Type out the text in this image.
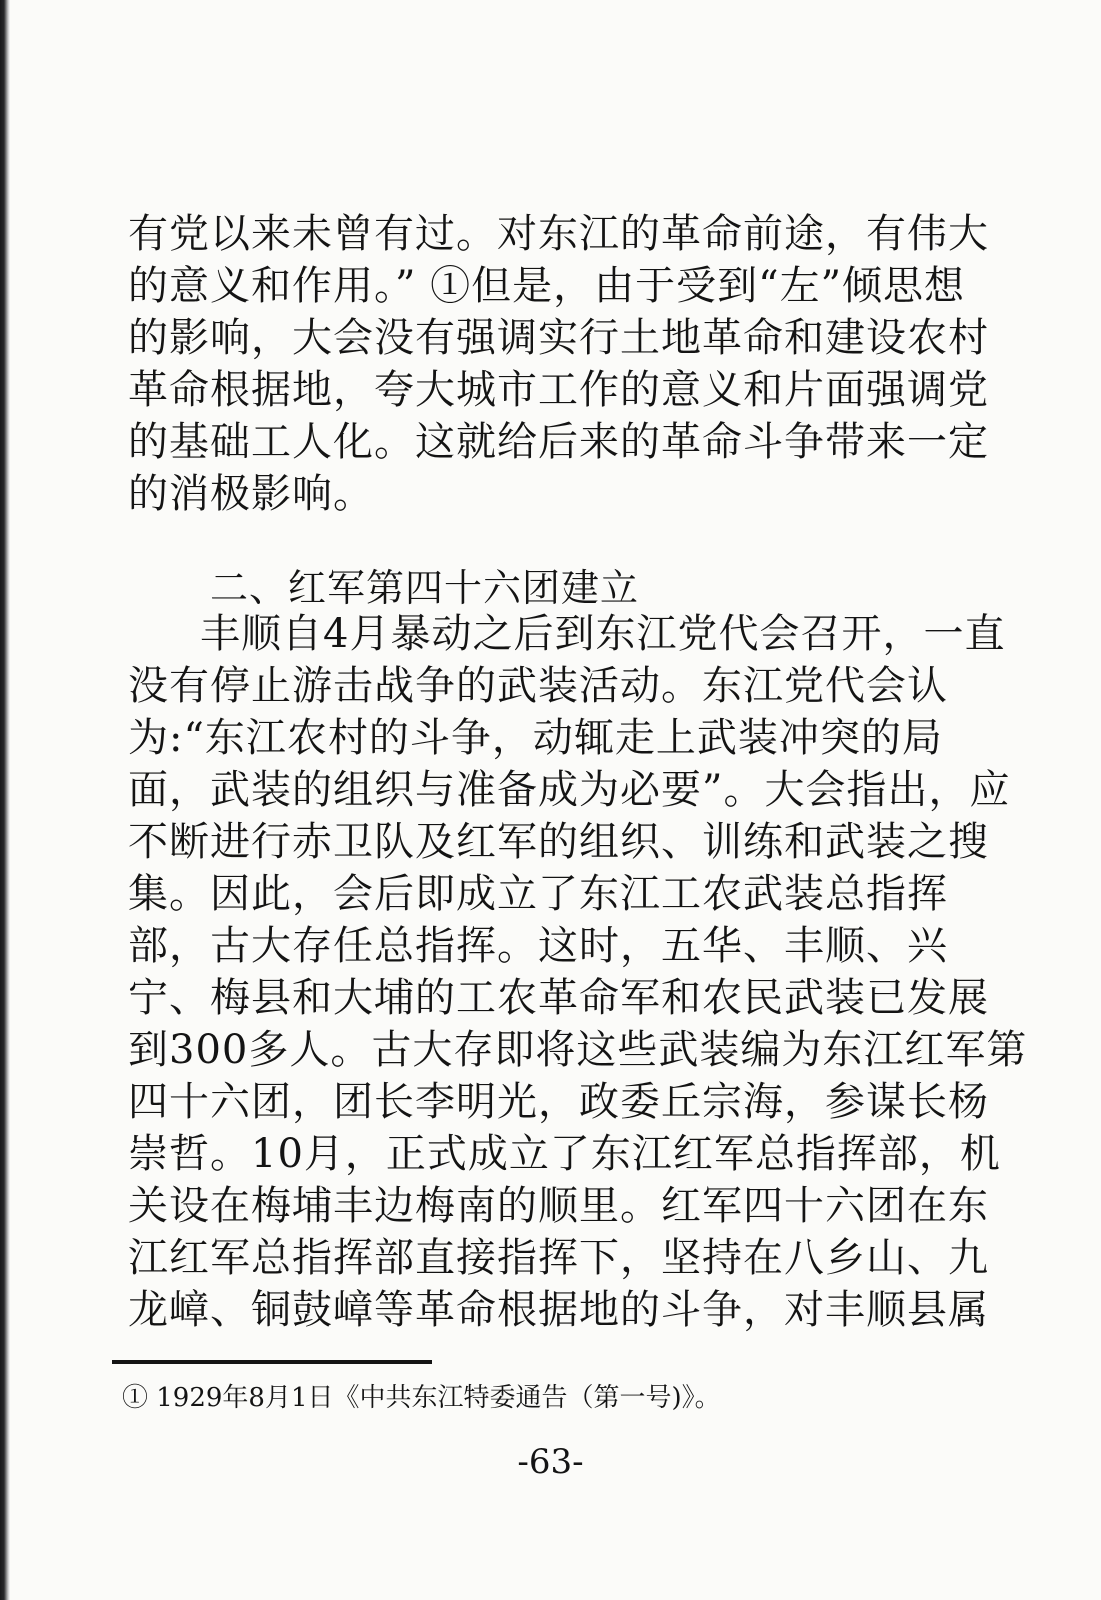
有党以来未曾有过。对东江的革命前途，有伟大
的意义和作用。” ①但是，由于受到“左”倾思想
的影响，大会没有强调实行土地革命和建设农村
革命根据地，夸大城市工作的意义和片面强调党
的基础工人化。这就给后来的革命斗争带来一定
的消极影响。
二、红军第四十六团建立
丰顺自4月暴动之后到东江党代会召开，一直
没有停止游击战争的武装活动。东江党代会认
为:“东江农村的斗争，动辄走上武装冲突的局
面，武装的组织与准备成为必要”。大会指出，应
不断进行赤卫队及红军的组织、训练和武装之搜
集。因此，会后即成立了东江工农武装总指挥
部，古大存任总指挥。这时，五华、丰顺、兴
宁、梅县和大埔的工农革命军和农民武装已发展
到300多人。古大存即将这些武装编为东江红军第
四十六团，团长李明光，政委丘宗海，参谋长杨
崇哲。10月，正式成立了东江红军总指挥部，机
关设在梅埔丰边梅南的顺里。红军四十六团在东
江红军总指挥部直接指挥下，坚持在八乡山、九
龙嶂、铜鼓嶂等革命根据地的斗争，对丰顺县属
① 1929年8月1日《中共东江特委通告（第一号)》。
-63-
